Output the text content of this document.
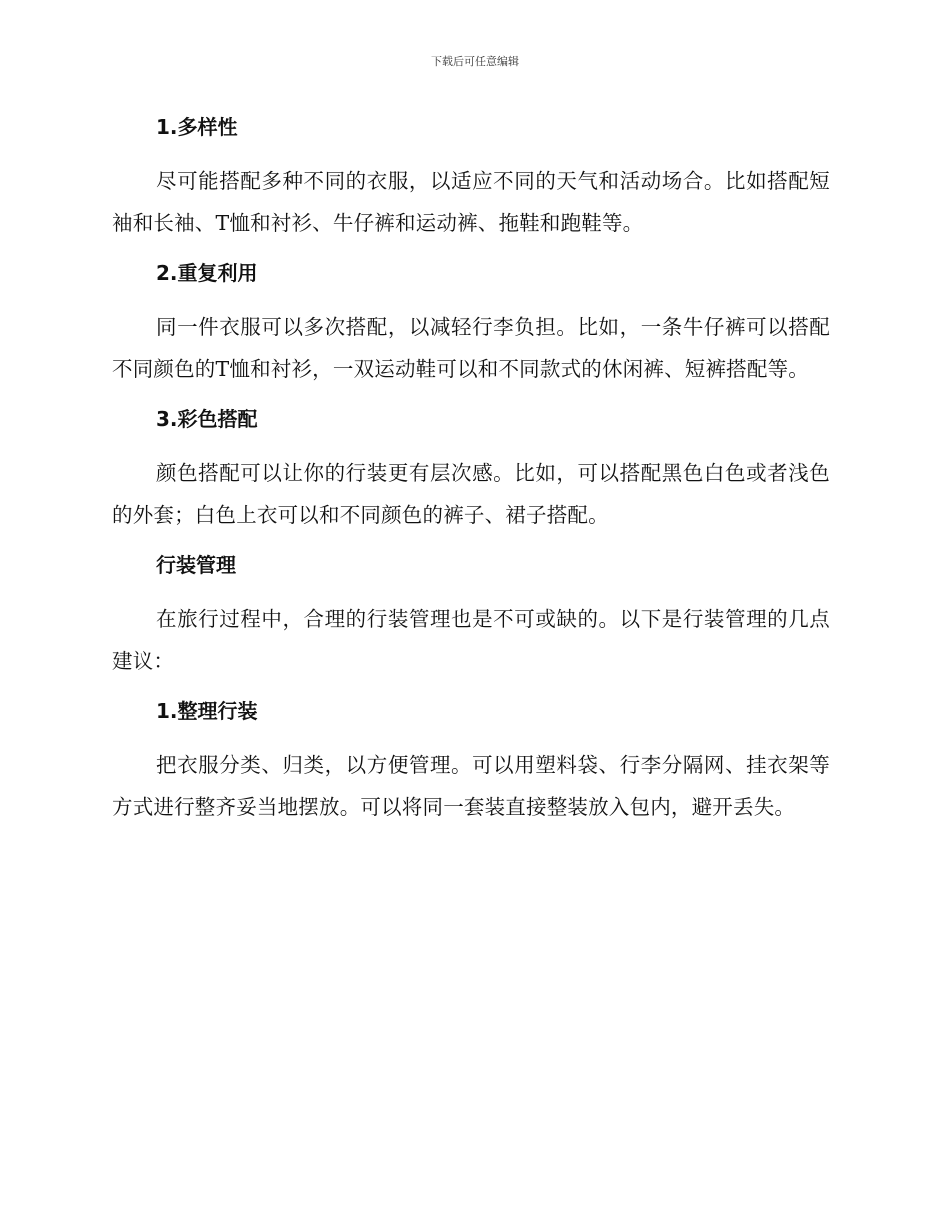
下载后可任意编辑
1.多样性

尽可能搭配多种不同的衣服，以适应不同的天气和活动场合。比如搭配短袖和长袖、T恤和衬衫、牛仔裤和运动裤、拖鞋和跑鞋等。

2.重复利用

同一件衣服可以多次搭配，以减轻行李负担。比如，一条牛仔裤可以搭配不同颜色的T恤和衬衫，一双运动鞋可以和不同款式的休闲裤、短裤搭配等。

3.彩色搭配

颜色搭配可以让你的行装更有层次感。比如，可以搭配黑色白色或者浅色的外套；白色上衣可以和不同颜色的裤子、裙子搭配。

行装管理

在旅行过程中，合理的行装管理也是不可或缺的。以下是行装管理的几点建议：

1.整理行装

把衣服分类、归类，以方便管理。可以用塑料袋、行李分隔网、挂衣架等方式进行整齐妥当地摆放。可以将同一套装直接整装放入包内，避开丢失。
